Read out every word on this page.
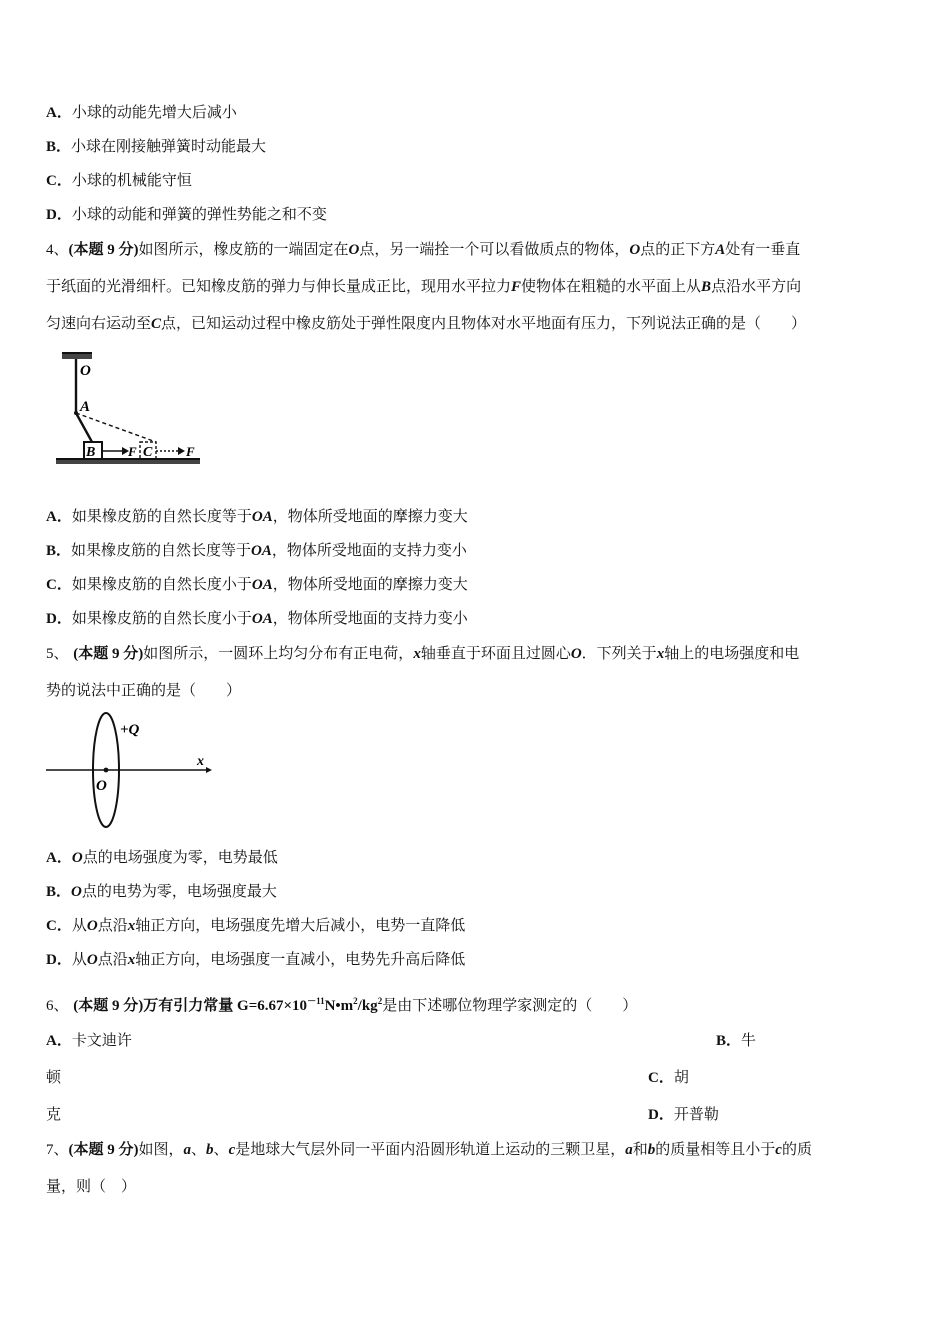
A．小球的动能先增大后减小
B．小球在刚接触弹簧时动能最大
C．小球的机械能守恒
D．小球的动能和弹簧的弹性势能之和不变
4、(本题 9 分)如图所示，橡皮筋的一端固定在O点，另一端拴一个可以看做质点的物体，O点的正下方A处有一垂直
于纸面的光滑细杆。已知橡皮筋的弹力与伸长量成正比，现用水平拉力F使物体在粗糙的水平面上从B点沿水平方向
匀速向右运动至C点，已知运动过程中橡皮筋处于弹性限度内且物体对水平地面有压力，下列说法正确的是（　　）
O
A
B	F C	F
A．如果橡皮筋的自然长度等于OA，物体所受地面的摩擦力变大
B．如果橡皮筋的自然长度等于OA，物体所受地面的支持力变小
C．如果橡皮筋的自然长度小于OA，物体所受地面的摩擦力变大
D．如果橡皮筋的自然长度小于OA，物体所受地面的支持力变小
5、 (本题 9 分)如图所示，一圆环上均匀分布有正电荷，x轴垂直于环面且过圆心O．下列关于x轴上的电场强度和电
势的说法中正确的是（　　）
+Q
x
O
A．O点的电场强度为零，电势最低
B．O点的电势为零，电场强度最大
C．从O点沿x轴正方向，电场强度先增大后减小，电势一直降低
D．从O点沿x轴正方向，电场强度一直减小，电势先升高后降低
6、 (本题 9 分)万有引力常量 $G=6.67\times 10^{-11}N•m^2/kg^2$是由下述哪位物理学家测定的（　　）
A．卡文迪许	B．牛
顿	C．胡
克	D．开普勒
7、(本题 9 分)如图，a、b、c是地球大气层外同一平面内沿圆形轨道上运动的三颗卫星，a和b的质量相等且小于c的质
量，则（　）
